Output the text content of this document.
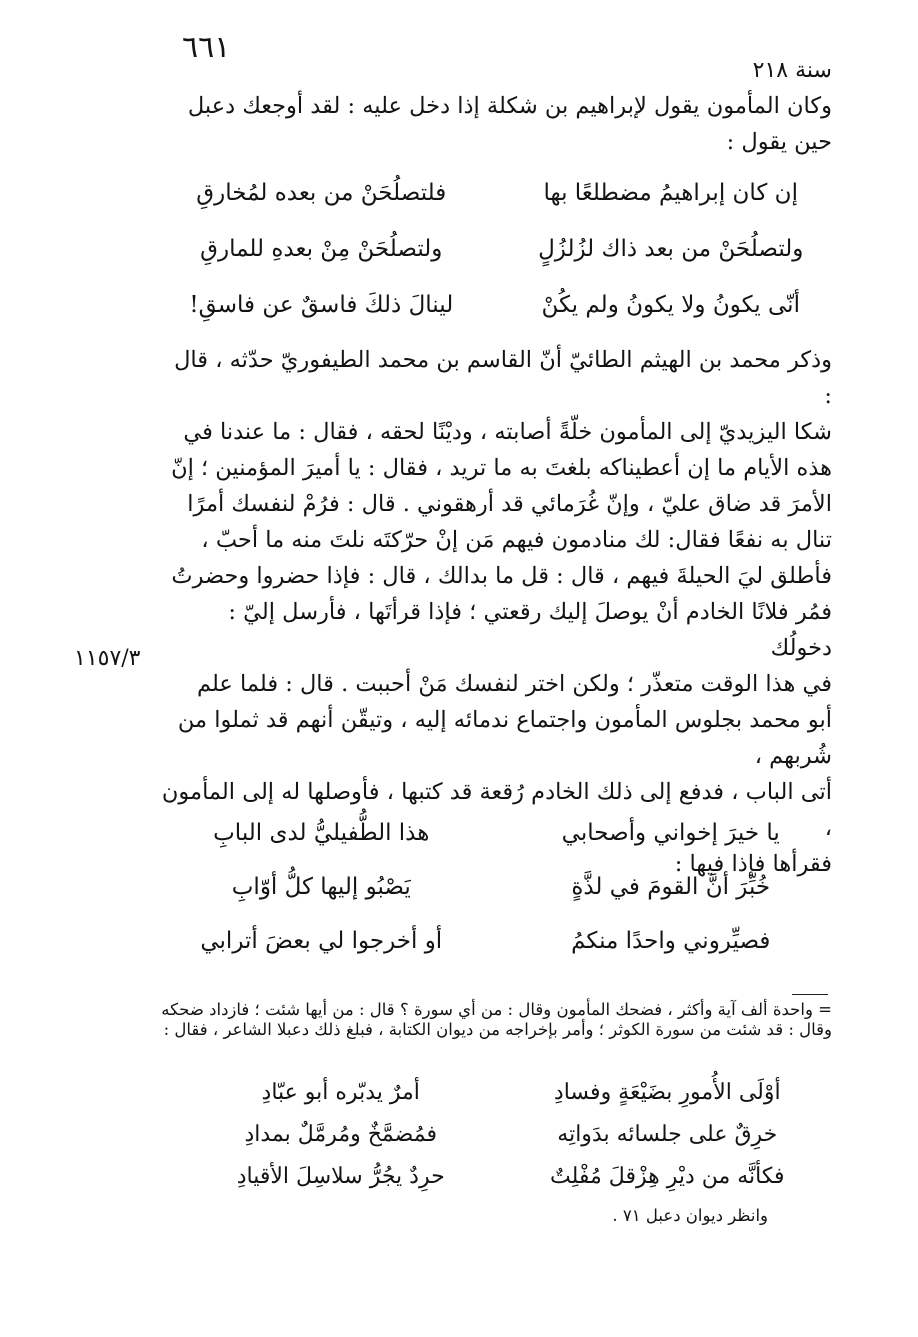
٦٦١
سنة ٢١٨
١١٥٧/٣

وكان المأمون يقول لإبراهيم بن شكلة إذا دخل عليه : لقد أوجعك دعبل

حين يقول :

إن كان إبراهيمُ مضطلعًا بها
فلتصلُحَنْ من بعده لمُخارقِ
ولتصلُحَنْ من بعد ذاك لزُلزُلٍ
ولتصلُحَنْ مِنْ بعدهِ للمارقِ
أنّى يكونُ ولا يكونُ ولم يكُنْ
لينالَ ذلكَ فاسقٌ عن فاسقِ!

وذكر محمد بن الهيثم الطائيّ أنّ القاسم بن محمد الطيفوريّ حدّثه ، قال :

شكا اليزيديّ إلى المأمون خلّةً أصابته ، وديْنًا لحقه ، فقال : ما عندنا في

هذه الأيام ما إن أعطيناكه بلغتَ به ما تريد ، فقال : يا أميرَ المؤمنين ؛ إنّ

الأمرَ قد ضاق عليّ ، وإنّ غُرَمائي قد أرهقوني . قال : فرُمْ لنفسك أمرًا

تنال به نفعًا فقال: لك منادمون فيهم مَن إنْ حرّكتَه نلتَ منه ما أحبّ ،

فأطلق ليَ الحيلةَ فيهم ، قال : قل ما بدالك ، قال : فإذا حضروا وحضرتُ

فمُر فلانًا الخادم أنْ يوصلَ إليك رقعتي ؛ فإذا قرأتَها ، فأرسل إليّ : دخولُك

في هذا الوقت متعذّر ؛ ولكن اختر لنفسك مَنْ أحببت . قال : فلما علم

أبو محمد بجلوس المأمون واجتماع ندمائه إليه ، وتيقّن أنهم قد ثملوا من شُربهم ،

أتى الباب ، فدفع إلى ذلك الخادم رُقعة قد كتبها ، فأوصلها له إلى المأمون ،

فقرأها فإذا فيها :

يا خيرَ إخواني وأصحابي
هذا الطُّفيليُّ لدى البابِ
خُبِّرَ أنَّ القومَ في لذَّةٍ
يَصْبُو إليها كلُّ أوّابِ
فصيِّروني واحدًا منكمُ
أو أخرجوا لي بعضَ أترابي

= واحدة ألف آية وأكثر ، فضحك المأمون وقال : من أي سورة ؟ قال : من أيها شئت ؛ فازداد ضحكه

وقال : قد شئت من سورة الكوثر ؛ وأمر بإخراجه من ديوان الكتابة ، فبلغ ذلك دعبلا الشاعر ، فقال :

أوْلَى الأُمورِ بضَيْعَةٍ وفسادِ
أمرٌ يدبّره أبو عبّادِ
خرِقٌ على جلسائه بدَواتِه
فمُضمَّخٌ ومُرمَّلٌ بمدادِ
فكأنَّه من ديْرِ هِزْقلَ مُفْلِتٌ
حرِدٌ يجُرُّ سلاسِلَ الأقيادِ
وانظر ديوان دعبل ٧١ .
